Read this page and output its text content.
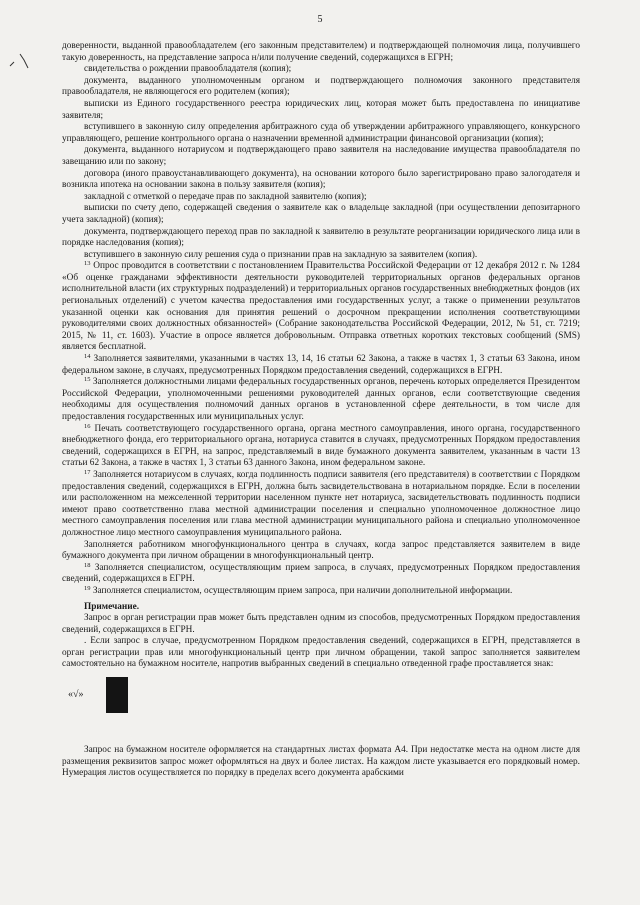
5

доверенности, выданной правообладателем (его законным представителем) и подтверждающей полномочия лица, получившего такую доверенность, на представление запроса н/или получение сведений, содержащихся в ЕГРН;

свидетельства о рождении правообладателя (копия);

документа, выданного уполномоченным органом и подтверждающего полномочия законного представителя правообладателя, не являющегося его родителем (копия);

выписки из Единого государственного реестра юридических лиц, которая может быть предоставлена по инициативе заявителя;

вступившего в законную силу определения арбитражного суда об утверждении арбитражного управляющего, конкурсного управляющего, решение контрольного органа о назначении временной администрации финансовой организации (копия);

документа, выданного нотариусом и подтверждающего право заявителя на наследование имущества правообладателя по завещанию или по закону;

договора (иного правоустанавливающего документа), на основании которого было зарегистрировано право залогодателя и возникла ипотека на основании закона в пользу заявителя (копия);

закладной с отметкой о передаче прав по закладной заявителю (копия);

выписки по счету депо, содержащей сведения о заявителе как о владельце закладной (при осуществлении депозитарного учета закладной) (копия);

документа, подтверждающего переход прав по закладной к заявителю в результате реорганизации юридического лица или в порядке наследования (копия);

вступившего в законную силу решения суда о признании прав на закладную за заявителем (копия).

$^{13}$ Опрос проводится в соответствии с постановлением Правительства Российской Федерации от 12 декабря 2012 г. № 1284 «Об оценке гражданами эффективности деятельности руководителей территориальных органов федеральных органов исполнительной власти (их структурных подразделений) и территориальных органов государственных внебюджетных фондов (их региональных отделений) с учетом качества предоставления ими государственных услуг, а также о применении результатов указанной оценки как основания для принятия решений о досрочном прекращении исполнения соответствующими руководителями своих должностных обязанностей» (Собрание законодательства Российской Федерации, 2012, № 51, ст. 7219; 2015, № 11, ст. 1603). Участие в опросе является добровольным. Отправка ответных коротких текстовых сообщений (SMS) является бесплатной.

$^{14}$ Заполняется заявителями, указанными в частях 13, 14, 16 статьи 62 Закона, а также в частях 1, 3 статьи 63 Закона, ином федеральном законе, в случаях, предусмотренных Порядком предоставления сведений, содержащихся в ЕГРН.

$^{15}$ Заполняется должностными лицами федеральных государственных органов, перечень которых определяется Президентом Российской Федерации, уполномоченными решениями руководителей данных органов, если соответствующие сведения необходимы для осуществления полномочий данных органов в установленной сфере деятельности, в том числе для предоставления государственных или муниципальных услуг.

$^{16}$ Печать соответствующего государственного органа, органа местного самоуправления, иного органа, государственного внебюджетного фонда, его территориального органа, нотариуса ставится в случаях, предусмотренных Порядком предоставления сведений, содержащихся в ЕГРН, на запрос, представляемый в виде бумажного документа заявителем, указанным в части 13 статьи 62 Закона, а также в частях 1, 3 статьи 63 данного Закона, ином федеральном законе.

$^{17}$ Заполняется нотариусом в случаях, когда подлинность подписи заявителя (его представителя) в соответствии с Порядком предоставления сведений, содержащихся в ЕГРН, должна быть засвидетельствована в нотариальном порядке. Если в поселении или расположенном на межселенной территории населенном пункте нет нотариуса, засвидетельствовать подлинность подписи имеют право соответственно глава местной администрации поселения и специально уполномоченное должностное лицо местного самоуправления поселения или глава местной администрации муниципального района и специально уполномоченное должностное лицо местного самоуправления муниципального района.

Заполняется работником многофункционального центра в случаях, когда запрос представляется заявителем в виде бумажного документа при личном обращении в многофункциональный центр.

$^{18}$ Заполняется специалистом, осуществляющим прием запроса, в случаях, предусмотренных Порядком предоставления сведений, содержащихся в ЕГРН.

$^{19}$ Заполняется специалистом, осуществляющим прием запроса, при наличии дополнительной информации.

Примечание.

Запрос в орган регистрации прав может быть представлен одним из способов, предусмотренных Порядком предоставления сведений, содержащихся в ЕГРН.

. Если запрос в случае, предусмотренном Порядком предоставления сведений, содержащихся в ЕГРН, представляется в орган регистрации прав или многофункциональный центр при личном обращении, такой запрос заполняется заявителем самостоятельно на бумажном носителе, напротив выбранных сведений в специально отведенной графе проставляется знак:

«√»

Запрос на бумажном носителе оформляется на стандартных листах формата А4. При недостатке места на одном листе для размещения реквизитов запрос может оформляться на двух и более листах. На каждом листе указывается его порядковый номер. Нумерация листов осуществляется по порядку в пределах всего документа арабскими
